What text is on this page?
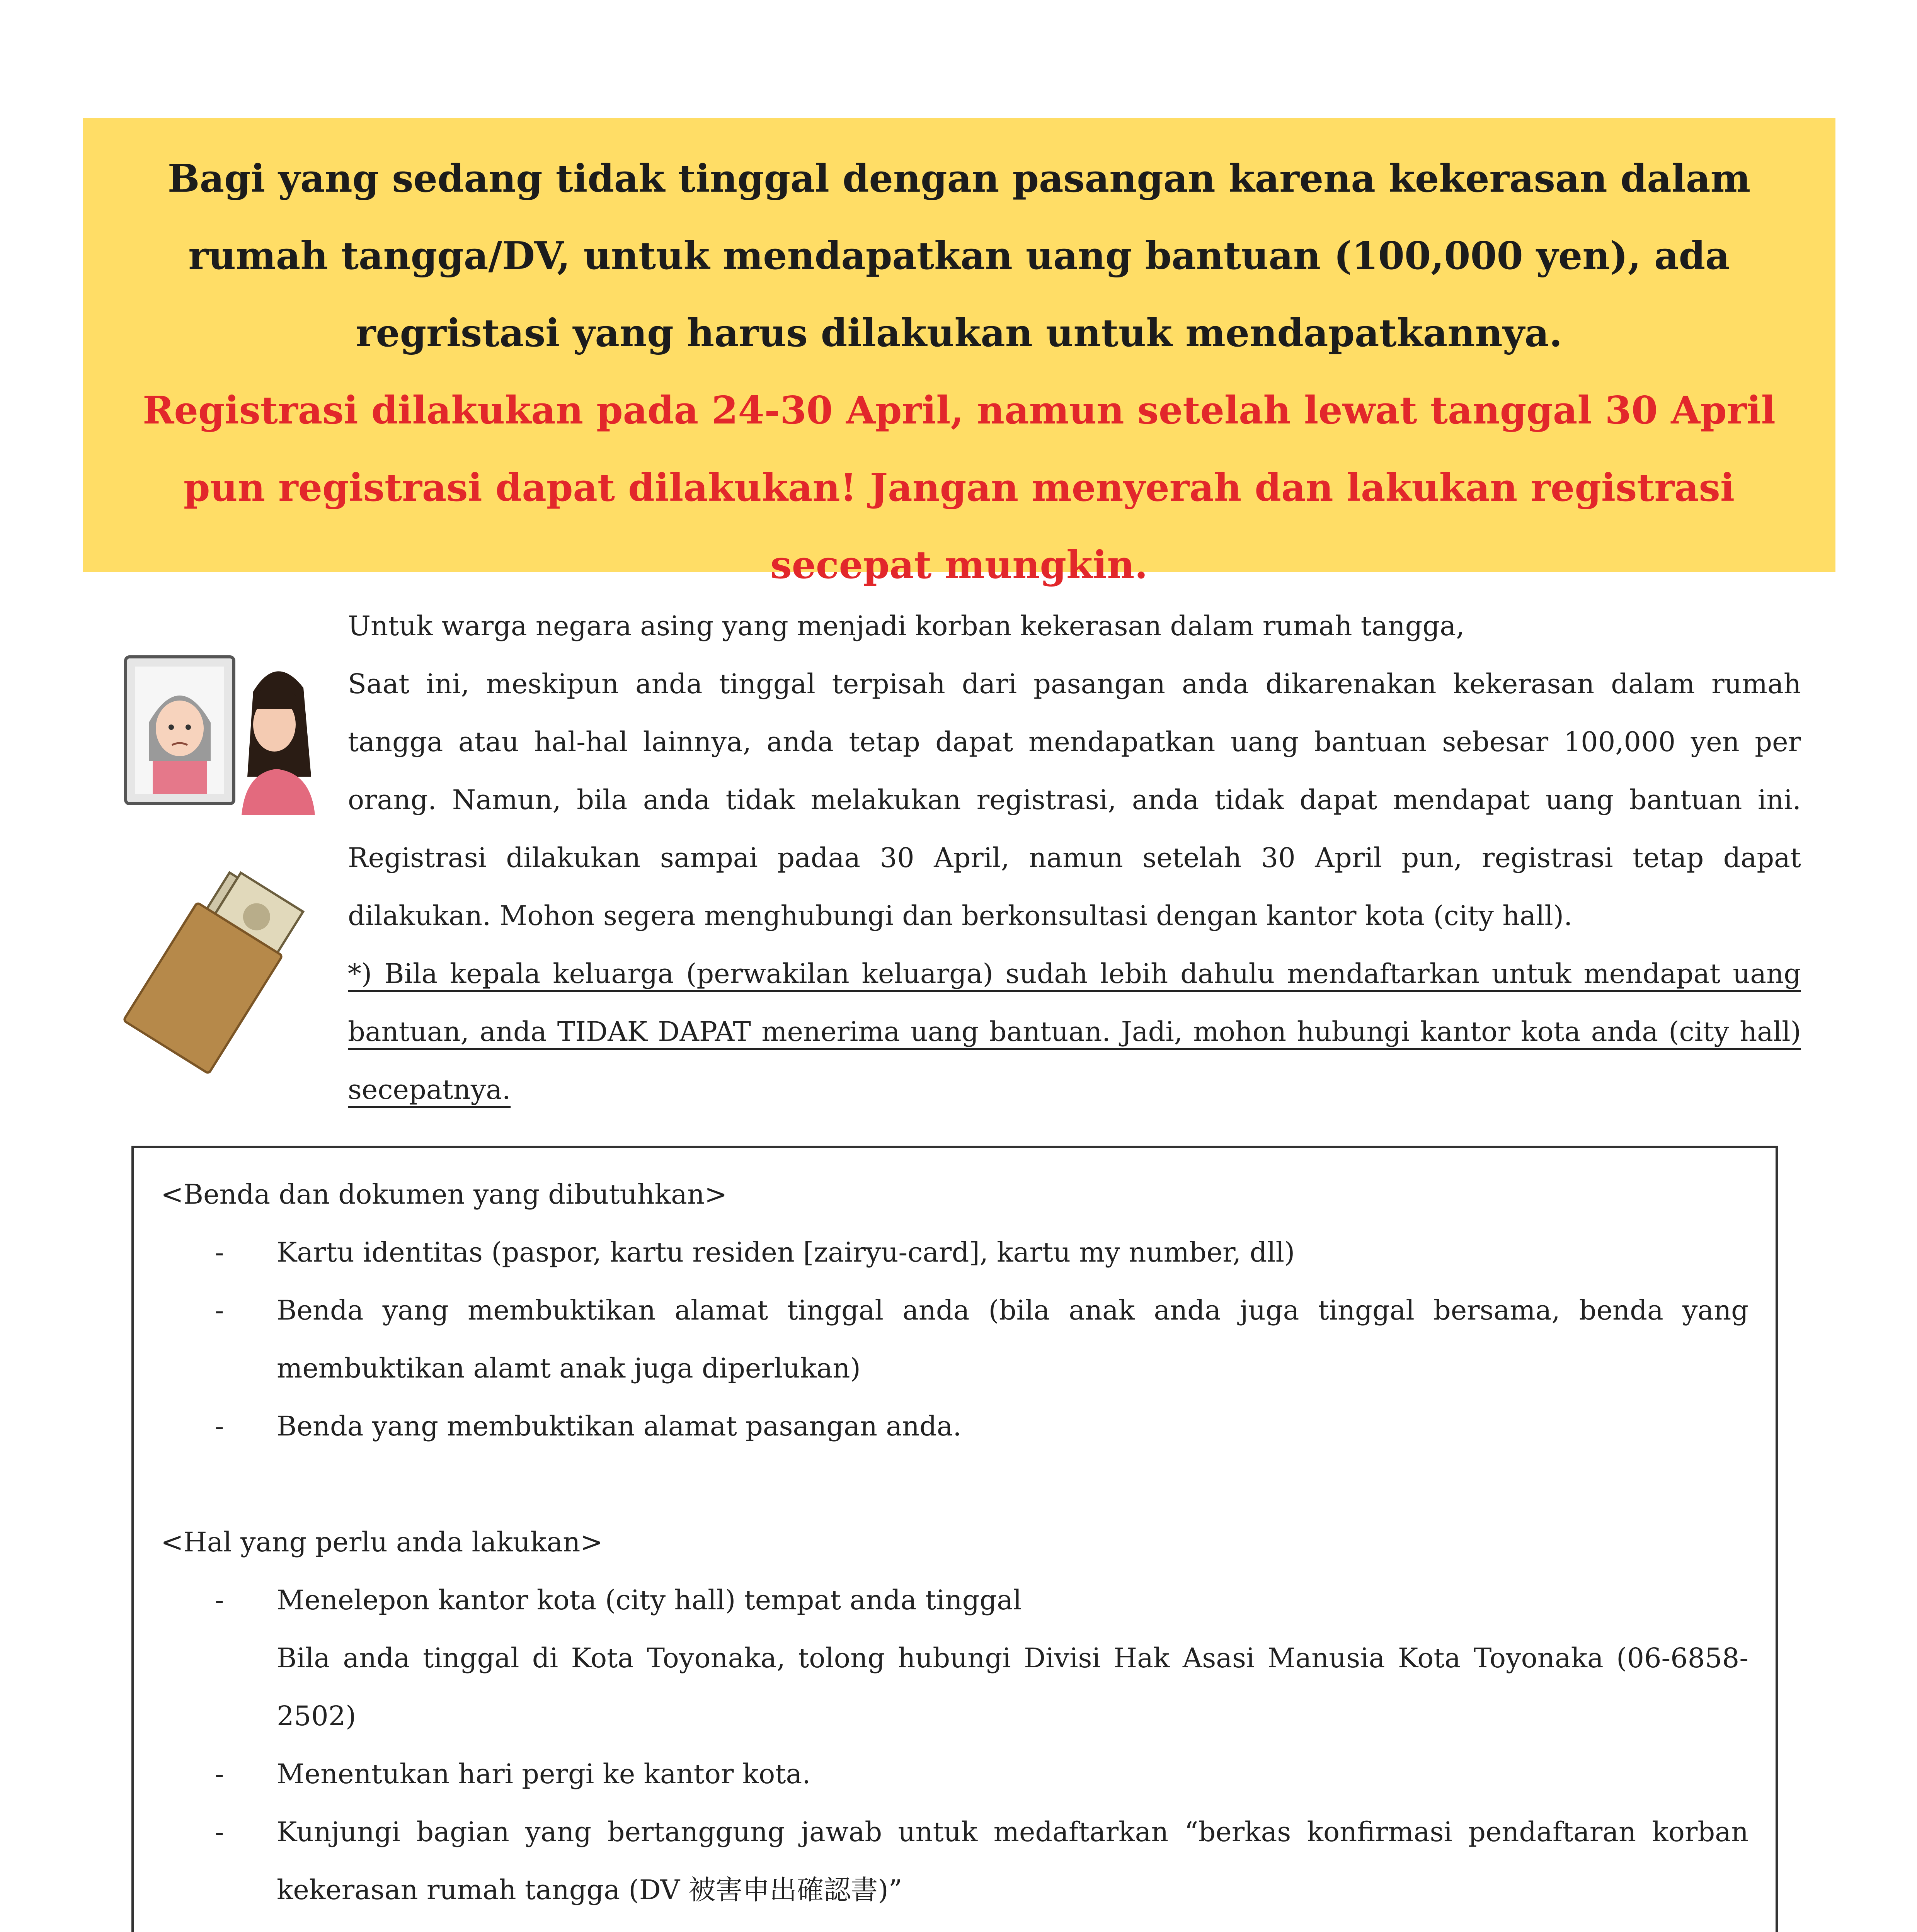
Bagi yang sedang tidak tinggal dengan pasangan karena kekerasan dalam rumah tangga/DV, untuk mendapatkan uang bantuan (100,000 yen), ada regristasi yang harus dilakukan untuk mendapatkannya.

Registrasi dilakukan pada 24-30 April, namun setelah lewat tanggal 30 April pun registrasi dapat dilakukan! Jangan menyerah dan lakukan registrasi secepat mungkin.

Untuk warga negara asing yang menjadi korban kekerasan dalam rumah tangga,

Saat ini, meskipun anda tinggal terpisah dari pasangan anda dikarenakan kekerasan dalam rumah tangga atau hal-hal lainnya, anda tetap dapat mendapatkan uang bantuan sebesar 100,000 yen per orang. Namun, bila anda tidak melakukan registrasi, anda tidak dapat mendapat uang bantuan ini. Registrasi dilakukan sampai padaa 30 April, namun setelah 30 April pun, registrasi tetap dapat dilakukan. Mohon segera menghubungi dan berkonsultasi dengan kantor kota (city hall).

*) Bila kepala keluarga (perwakilan keluarga) sudah lebih dahulu mendaftarkan untuk mendapat uang bantuan, anda TIDAK DAPAT menerima uang bantuan. Jadi, mohon hubungi kantor kota anda (city hall) secepatnya.

<Benda dan dokumen yang dibutuhkan>

- Kartu identitas (paspor, kartu residen [zairyu-card], kartu my number, dll)
- Benda yang membuktikan alamat tinggal anda (bila anak anda juga tinggal bersama, benda yang membuktikan alamt anak juga diperlukan)
- Benda yang membuktikan alamat pasangan anda.

<Hal yang perlu anda lakukan>

- Menelepon kantor kota (city hall) tempat anda tinggal
Bila anda tinggal di Kota Toyonaka, tolong hubungi Divisi Hak Asasi Manusia Kota Toyonaka (06-6858-2502)
- Menentukan hari pergi ke kantor kota.
- Kunjungi bagian yang bertanggung jawab untuk medaftarkan “berkas konfirmasi pendaftaran korban kekerasan rumah tangga (DV 被害申出確認書)”
